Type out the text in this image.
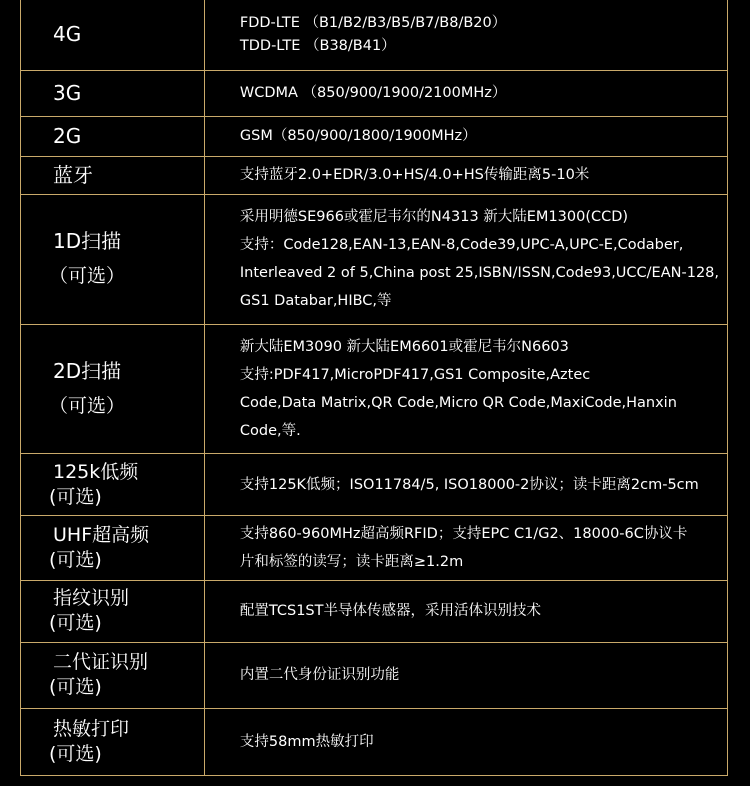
4G	FDD-LTE （B1/B2/B3/B5/B7/B8/B20）
TDD-LTE （B38/B41）

3G	WCDMA （850/900/1900/2100MHz）

2G	GSM（850/900/1800/1900MHz）

蓝牙	支持蓝牙2.0+EDR/3.0+HS/4.0+HS传输距离5-10米

1D扫描
（可选）	采用明德SE966或霍尼韦尔的N4313 新大陆EM1300(CCD)
支持：Code128,EAN-13,EAN-8,Code39,UPC-A,UPC-E,Codaber,
Interleaved 2 of 5,China post 25,ISBN/ISSN,Code93,UCC/EAN-128,
GS1 Databar,HIBC,等

2D扫描
（可选）	新大陆EM3090 新大陆EM6601或霍尼韦尔N6603
支持:PDF417,MicroPDF417,GS1 Composite,Aztec
Code,Data Matrix,QR Code,Micro QR Code,MaxiCode,Hanxin
Code,等.

125k低频
(可选)	支持125K低频；ISO11784/5, ISO18000-2协议；读卡距离2cm-5cm

UHF超高频
(可选)	支持860-960MHz超高频RFID；支持EPC C1/G2、18000-6C协议卡
片和标签的读写；读卡距离≥1.2m

指纹识别
(可选)	配置TCS1ST半导体传感器，采用活体识别技术

二代证识别
(可选)	内置二代身份证识别功能

热敏打印
(可选)	支持58mm热敏打印
